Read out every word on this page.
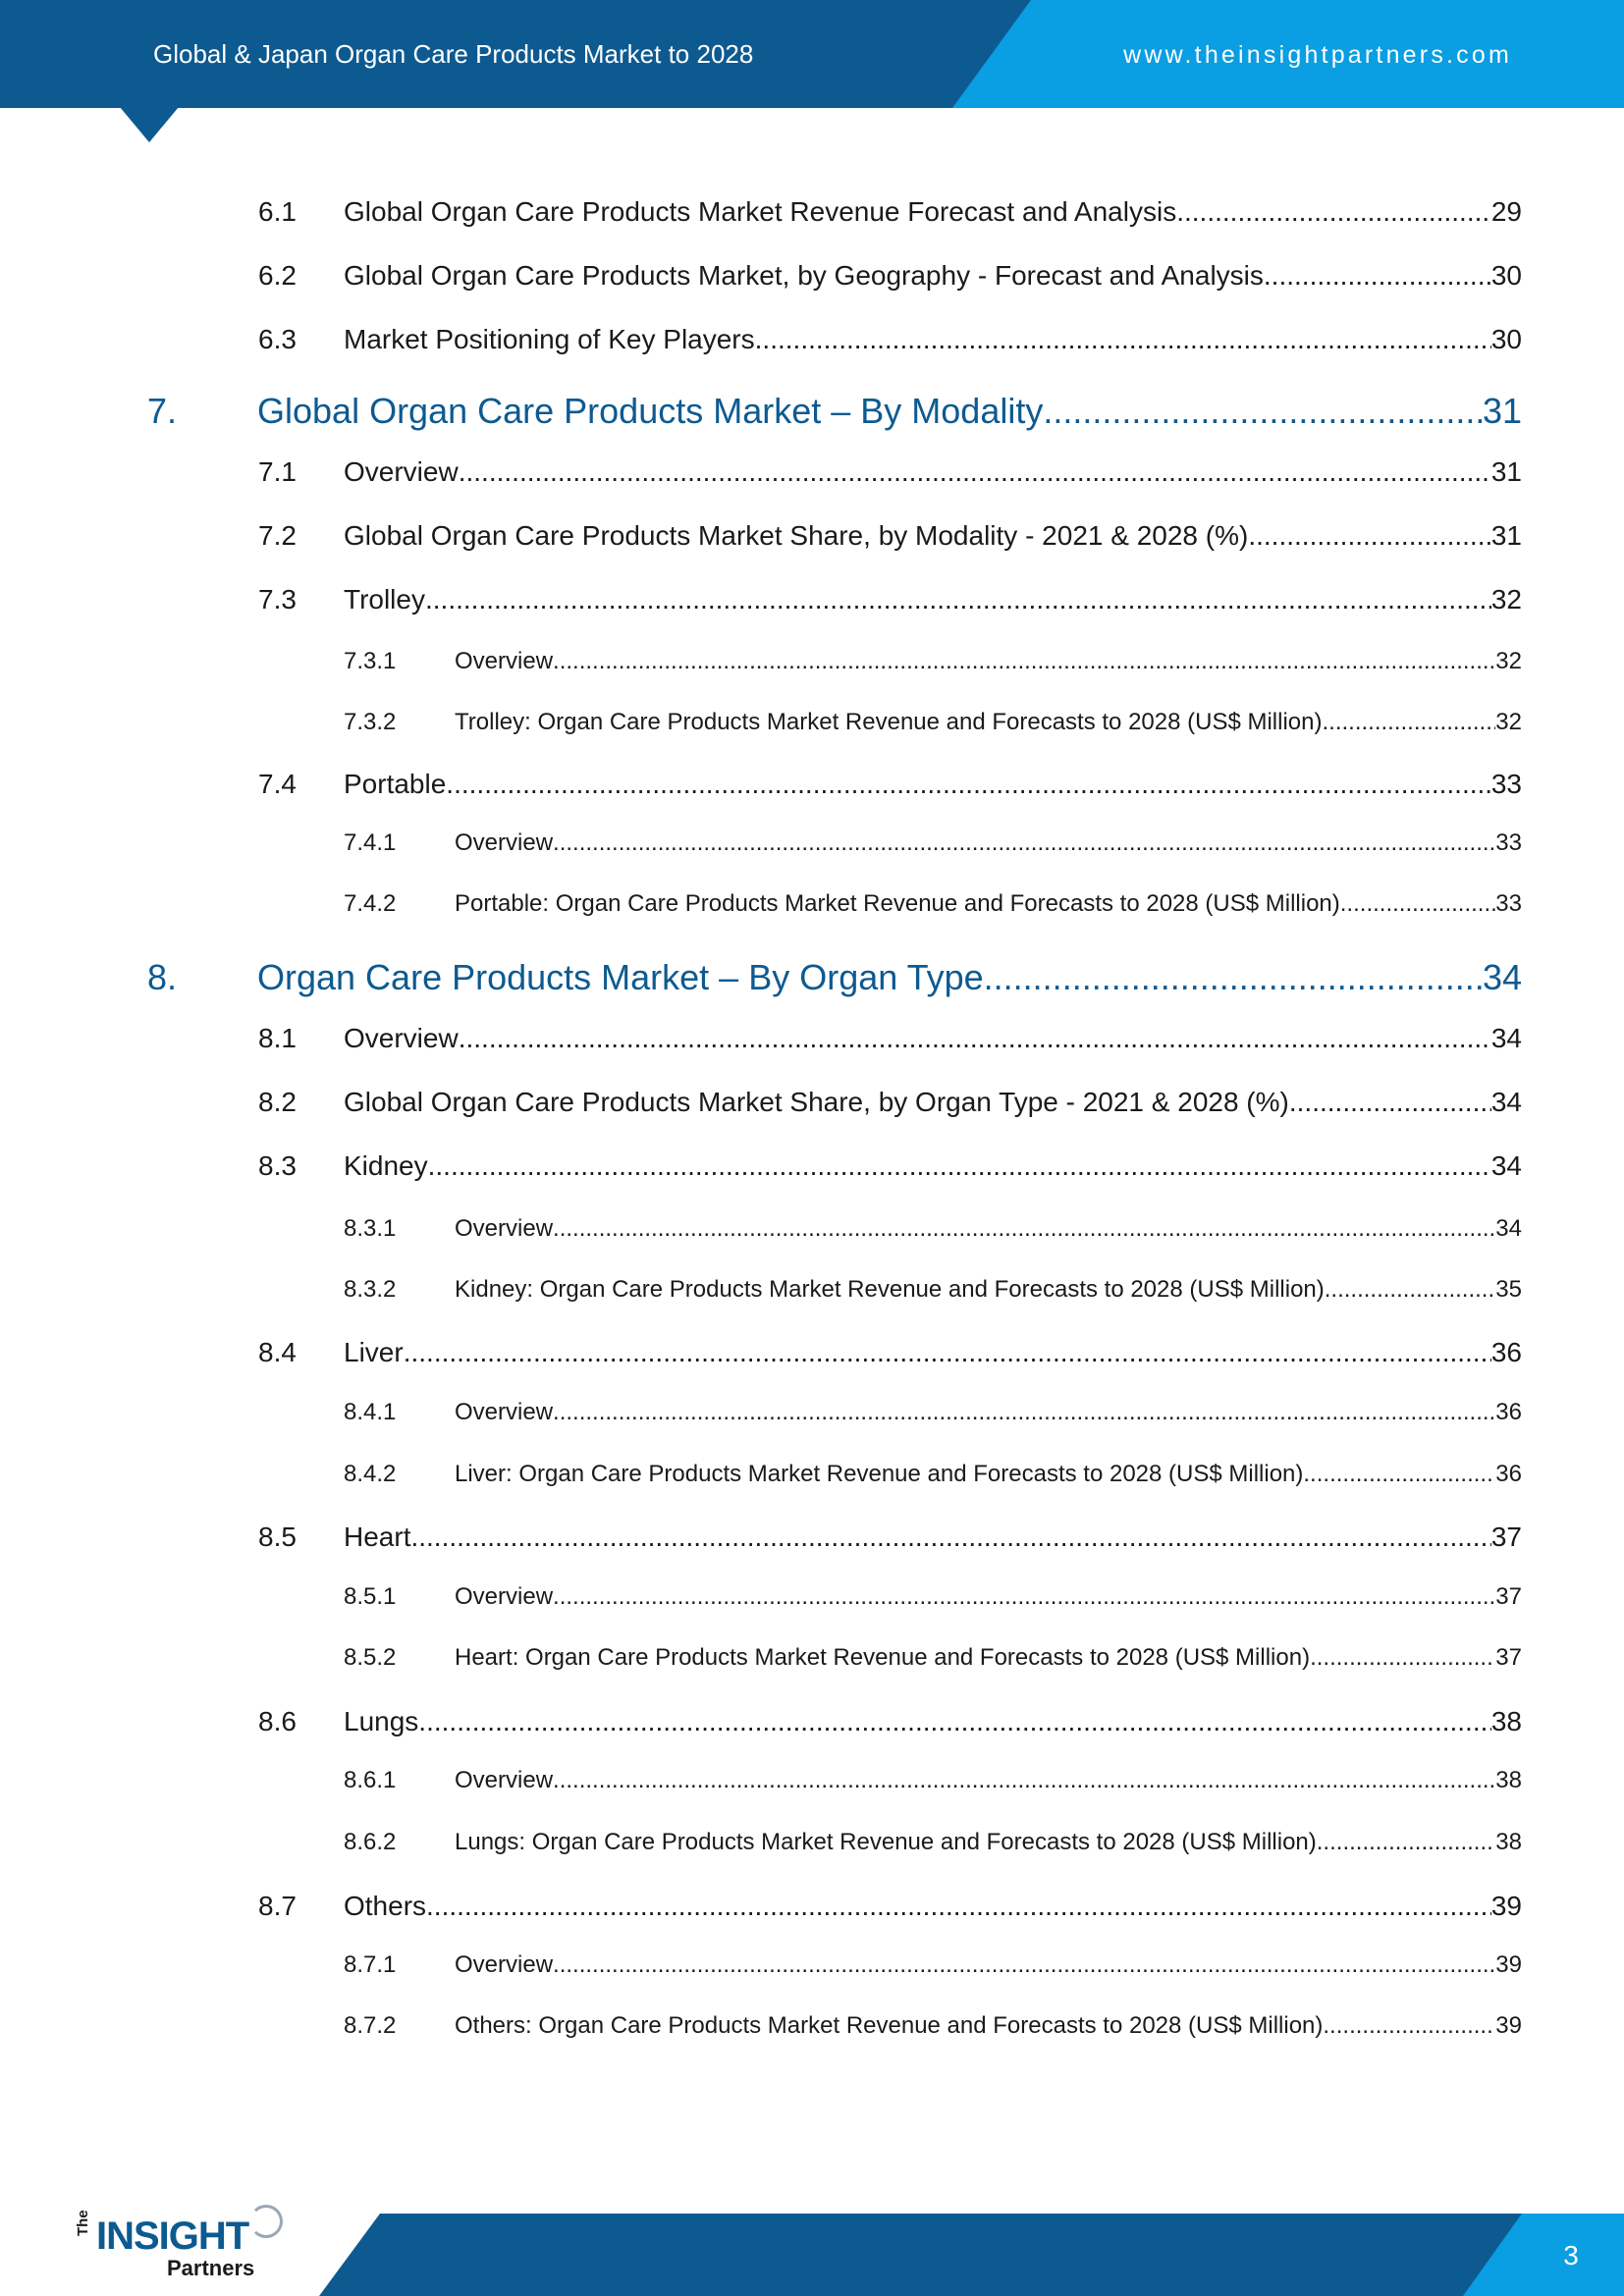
Global & Japan Organ Care Products Market to 2028	www.theinsightpartners.com
6.1	Global Organ Care Products Market Revenue Forecast and Analysis .....	29
6.2	Global Organ Care Products Market, by Geography - Forecast and Analysis .....	30
6.3	Market Positioning of Key Players .....	30
7.	Global Organ Care Products Market – By Modality .....	31
7.1	Overview .....	31
7.2	Global Organ Care Products Market Share, by Modality - 2021 & 2028 (%) .....	31
7.3	Trolley .....	32
7.3.1	Overview .....	32
7.3.2	Trolley: Organ Care Products Market Revenue and Forecasts to 2028 (US$ Million) .....	32
7.4	Portable .....	33
7.4.1	Overview .....	33
7.4.2	Portable: Organ Care Products Market Revenue and Forecasts to 2028 (US$ Million) .....	33
8.	Organ Care Products Market – By Organ Type .....	34
8.1	Overview .....	34
8.2	Global Organ Care Products Market Share, by Organ Type - 2021 & 2028 (%) .....	34
8.3	Kidney .....	34
8.3.1	Overview .....	34
8.3.2	Kidney: Organ Care Products Market Revenue and Forecasts to 2028 (US$ Million) .....	35
8.4	Liver .....	36
8.4.1	Overview .....	36
8.4.2	Liver: Organ Care Products Market Revenue and Forecasts to 2028 (US$ Million) .....	36
8.5	Heart .....	37
8.5.1	Overview .....	37
8.5.2	Heart: Organ Care Products Market Revenue and Forecasts to 2028 (US$ Million) .....	37
8.6	Lungs .....	38
8.6.1	Overview .....	38
8.6.2	Lungs: Organ Care Products Market Revenue and Forecasts to 2028 (US$ Million) .....	38
8.7	Others .....	39
8.7.1	Overview .....	39
8.7.2	Others: Organ Care Products Market Revenue and Forecasts to 2028 (US$ Million) .....	39
The INSIGHT
Partners	3
